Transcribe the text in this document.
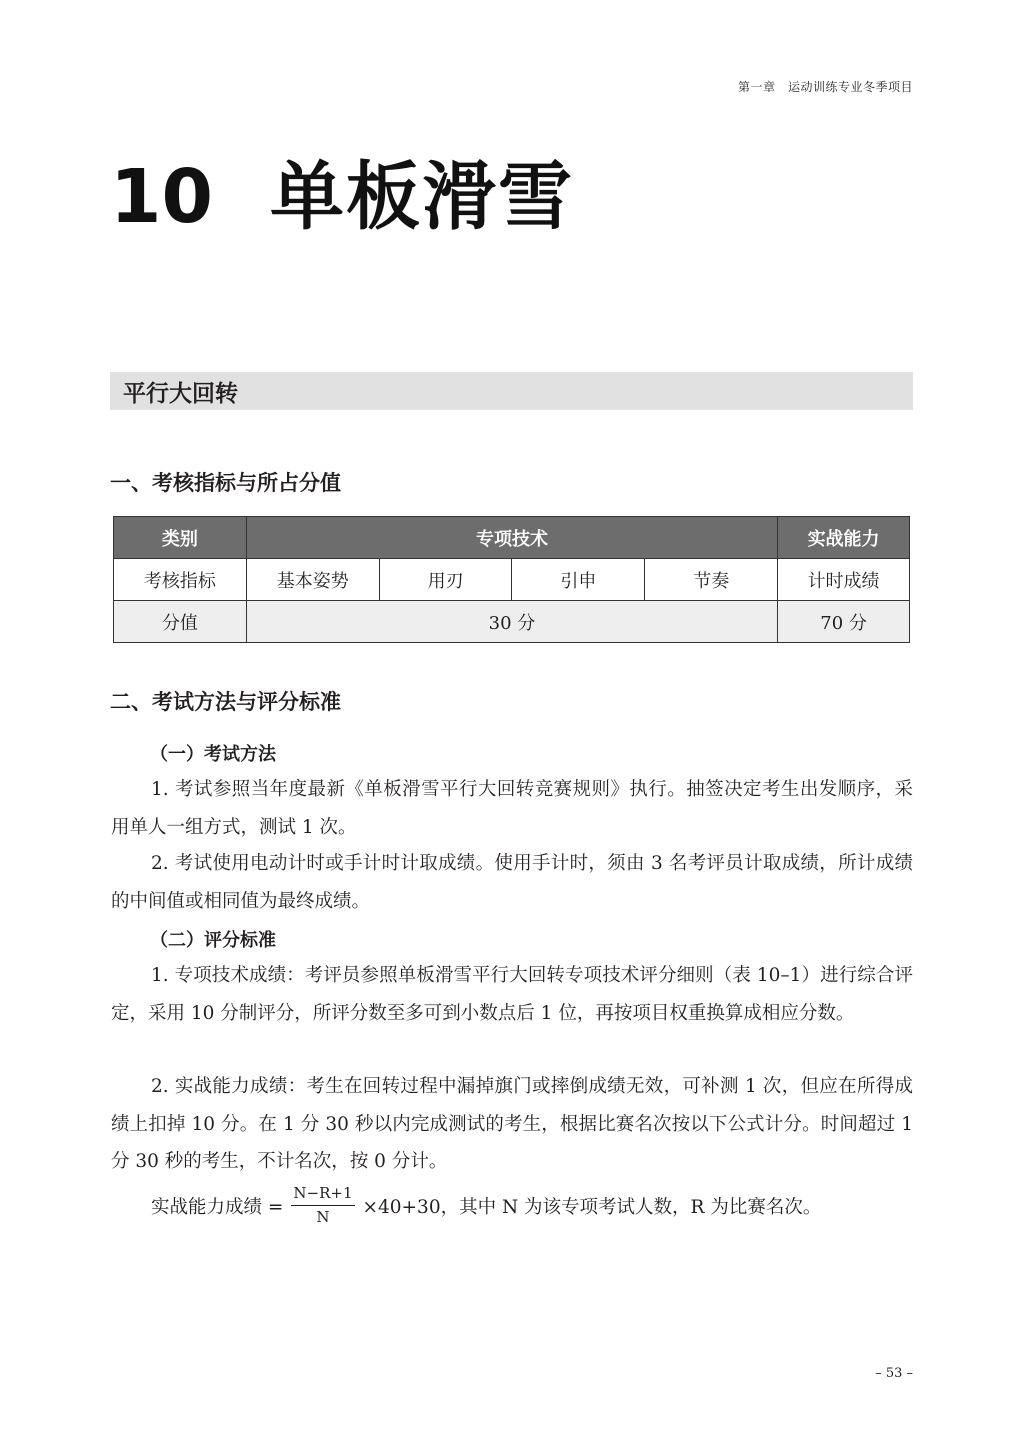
第一章　运动训练专业冬季项目
10 单板滑雪
平行大回转
一、考核指标与所占分值
类别	专项技术				实战能力
考核指标	基本姿势	用刃	引申	节奏	计时成绩
分值	30 分				70 分
二、考试方法与评分标准
（一）考试方法

1. 考试参照当年度最新《单板滑雪平行大回转竞赛规则》执行。抽签决定考生出发顺序，采用单人一组方式，测试 1 次。

2. 考试使用电动计时或手计时计取成绩。使用手计时，须由 3 名考评员计取成绩，所计成绩的中间值或相同值为最终成绩。

（二）评分标准

1. 专项技术成绩：考评员参照单板滑雪平行大回转专项技术评分细则（表 10–1）进行综合评定，采用 10 分制评分，所评分数至多可到小数点后 1 位，再按项目权重换算成相应分数。

2. 实战能力成绩：考生在回转过程中漏掉旗门或摔倒成绩无效，可补测 1 次，但应在所得成绩上扣掉 10 分。在 1 分 30 秒以内完成测试的考生，根据比赛名次按以下公式计分。时间超过 1 分 30 秒的考生，不计名次，按 0 分计。

实战能力成绩 = $\frac{N-R+1}{N} \times 40+30$，其中 N 为该专项考试人数，R 为比赛名次。
– 53 –
